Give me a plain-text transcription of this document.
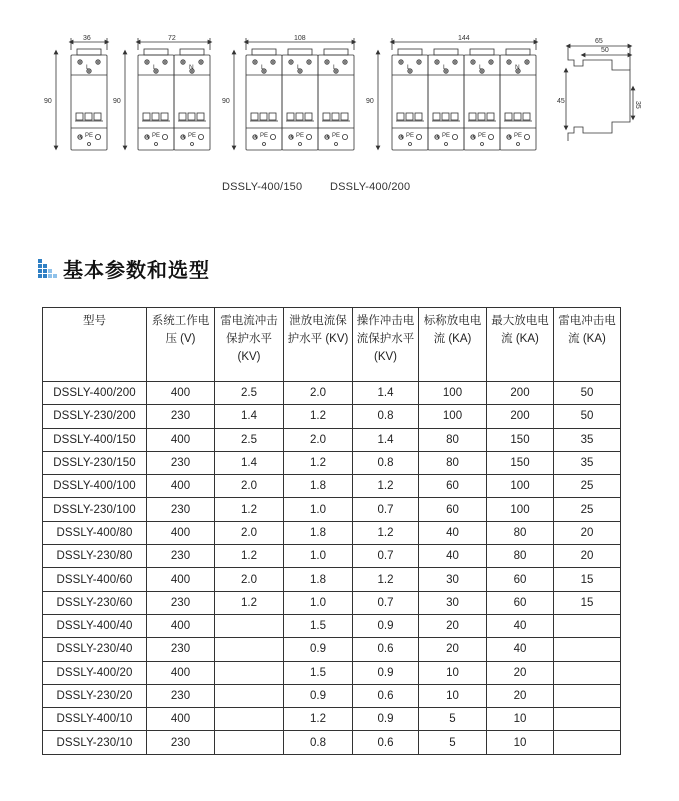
65
50
45	35
36
90
L
PE
72
90
L
PE
N
PE
108
90
L
PE
L
PE
L
PE
144
90
L
PE
L
PE
L
PE
N
PE
DSSLY-400/150	DSSLY-400/200
基本参数和选型
型号	系统工作电压 (V)	雷电流冲击保护水平 (KV)	泄放电流保护水平 (KV)	操作冲击电流保护水平 (KV)	标称放电电流 (KA)	最大放电电流 (KA)	雷电冲击电流 (KA)
DSSLY-400/200	400	2.5	2.0	1.4	100	200	50
DSSLY-230/200	230	1.4	1.2	0.8	100	200	50
DSSLY-400/150	400	2.5	2.0	1.4	80	150	35
DSSLY-230/150	230	1.4	1.2	0.8	80	150	35
DSSLY-400/100	400	2.0	1.8	1.2	60	100	25
DSSLY-230/100	230	1.2	1.0	0.7	60	100	25
DSSLY-400/80	400	2.0	1.8	1.2	40	80	20
DSSLY-230/80	230	1.2	1.0	0.7	40	80	20
DSSLY-400/60	400	2.0	1.8	1.2	30	60	15
DSSLY-230/60	230	1.2	1.0	0.7	30	60	15
DSSLY-400/40	400		1.5	0.9	20	40	
DSSLY-230/40	230		0.9	0.6	20	40	
DSSLY-400/20	400		1.5	0.9	10	20	
DSSLY-230/20	230		0.9	0.6	10	20	
DSSLY-400/10	400		1.2	0.9	5	10	
DSSLY-230/10	230		0.8	0.6	5	10	
